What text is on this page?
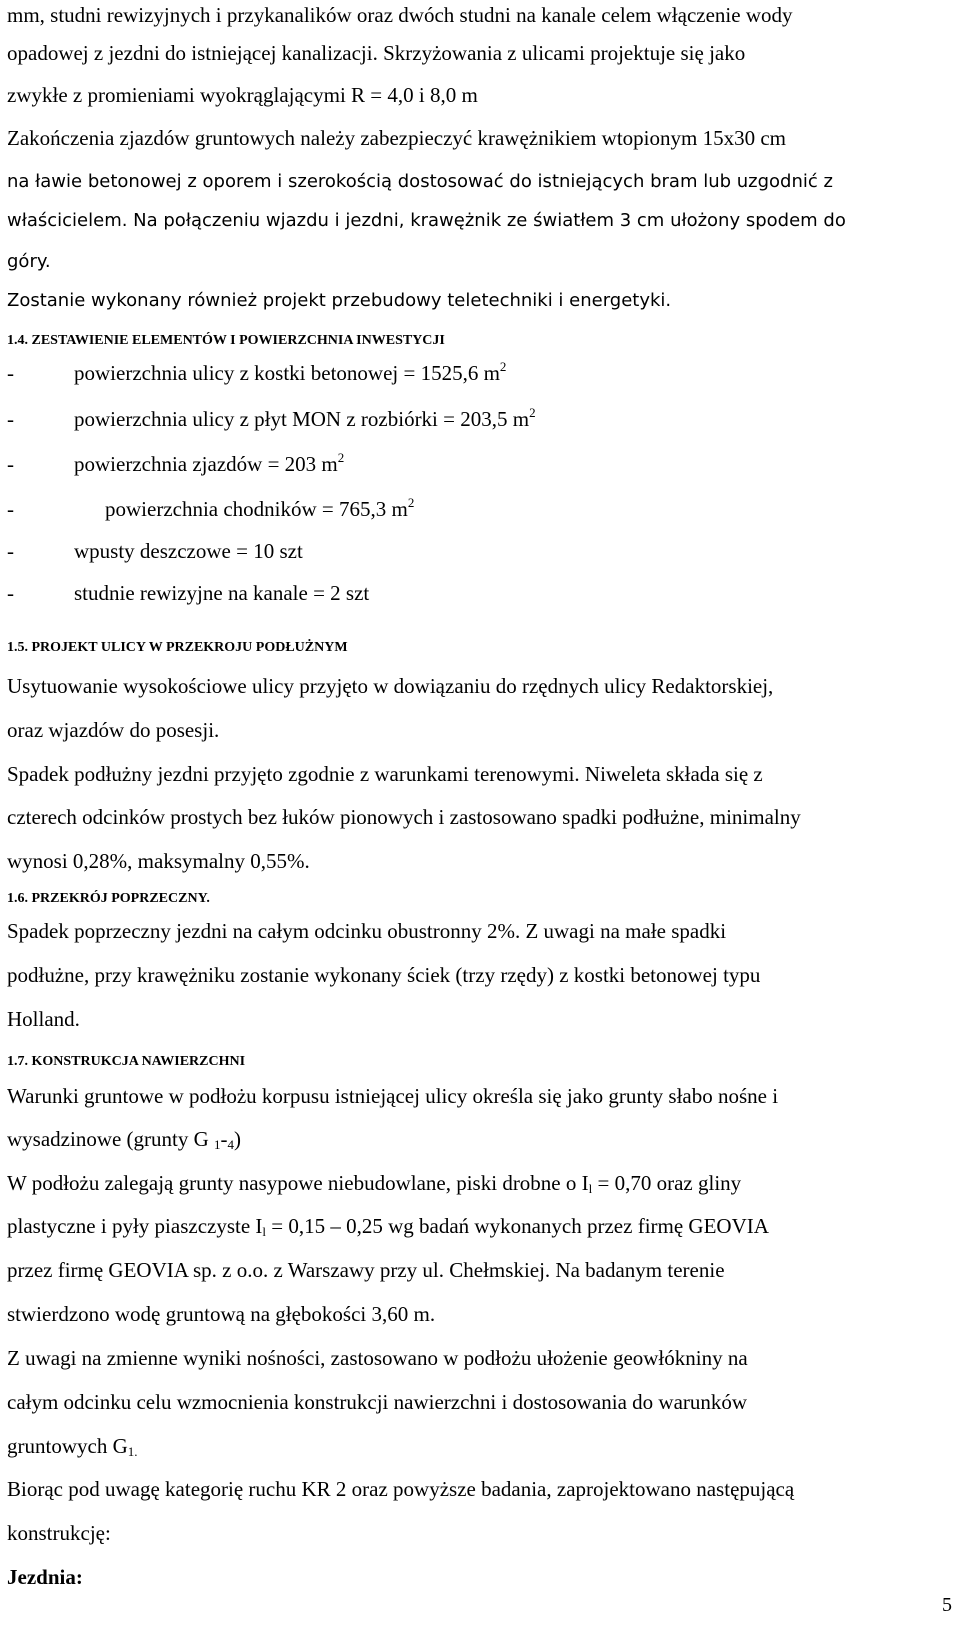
mm, studni rewizyjnych i przykanalików oraz dwóch studni na kanale celem włączenie wody
opadowej z jezdni do istniejącej kanalizacji. Skrzyżowania z ulicami projektuje się jako
zwykłe z promieniami wyokrąglającymi R = 4,0 i 8,0 m
Zakończenia zjazdów gruntowych należy zabezpieczyć krawężnikiem wtopionym 15x30 cm
na ławie betonowej z oporem i szerokością dostosować do istniejących bram lub uzgodnić z
właścicielem. Na połączeniu wjazdu i jezdni, krawężnik ze światłem 3 cm ułożony spodem do
góry.
Zostanie wykonany również projekt przebudowy teletechniki i energetyki.
1.4. ZESTAWIENIE ELEMENTÓW I POWIERZCHNIA INWESTYCJI
-	powierzchnia ulicy z kostki betonowej = 1525,6 $m^2$
-	powierzchnia ulicy z płyt MON z rozbiórki = 203,5 $m^2$
-	powierzchnia zjazdów = 203 $m^2$
-	powierzchnia chodników = 765,3 $m^2$
-	wpusty deszczowe = 10 szt
-	studnie rewizyjne na kanale = 2 szt
1.5. PROJEKT ULICY W PRZEKROJU PODŁUŻNYM
Usytuowanie wysokościowe ulicy przyjęto w dowiązaniu do rzędnych ulicy Redaktorskiej,
oraz wjazdów do posesji.
Spadek podłużny jezdni przyjęto zgodnie z warunkami terenowymi. Niweleta składa się z
czterech odcinków prostych bez łuków pionowych i zastosowano spadki podłużne, minimalny
wynosi 0,28%, maksymalny 0,55%.
1.6. PRZEKRÓJ POPRZECZNY.
Spadek poprzeczny jezdni na całym odcinku obustronny 2%. Z uwagi na małe spadki
podłużne, przy krawężniku zostanie wykonany ściek (trzy rzędy) z kostki betonowej typu
Holland.
1.7. KONSTRUKCJA NAWIERZCHNI
Warunki gruntowe w podłożu korpusu istniejącej ulicy określa się jako grunty słabo nośne i
wysadzinowe (grunty G $_1-_4$)
W podłożu zalegają grunty nasypowe niebudowlane, piski drobne o $I_l = 0,70$ oraz gliny
plastyczne i pyły piaszczyste $I_l = 0,15 - 0,25$ wg badań wykonanych przez firmę GEOVIA
przez firmę GEOVIA sp. z o.o. z Warszawy przy ul. Chełmskiej. Na badanym terenie
stwierdzono wodę gruntową na głębokości 3,60 m.
Z uwagi na zmienne wyniki nośności, zastosowano w podłożu ułożenie geowłókniny na
całym odcinku celu wzmocnienia konstrukcji nawierzchni i dostosowania do warunków
gruntowych $G_{1.}$
Biorąc pod uwagę kategorię ruchu KR 2 oraz powyższe badania, zaprojektowano następującą
konstrukcję:
Jezdnia:
5
